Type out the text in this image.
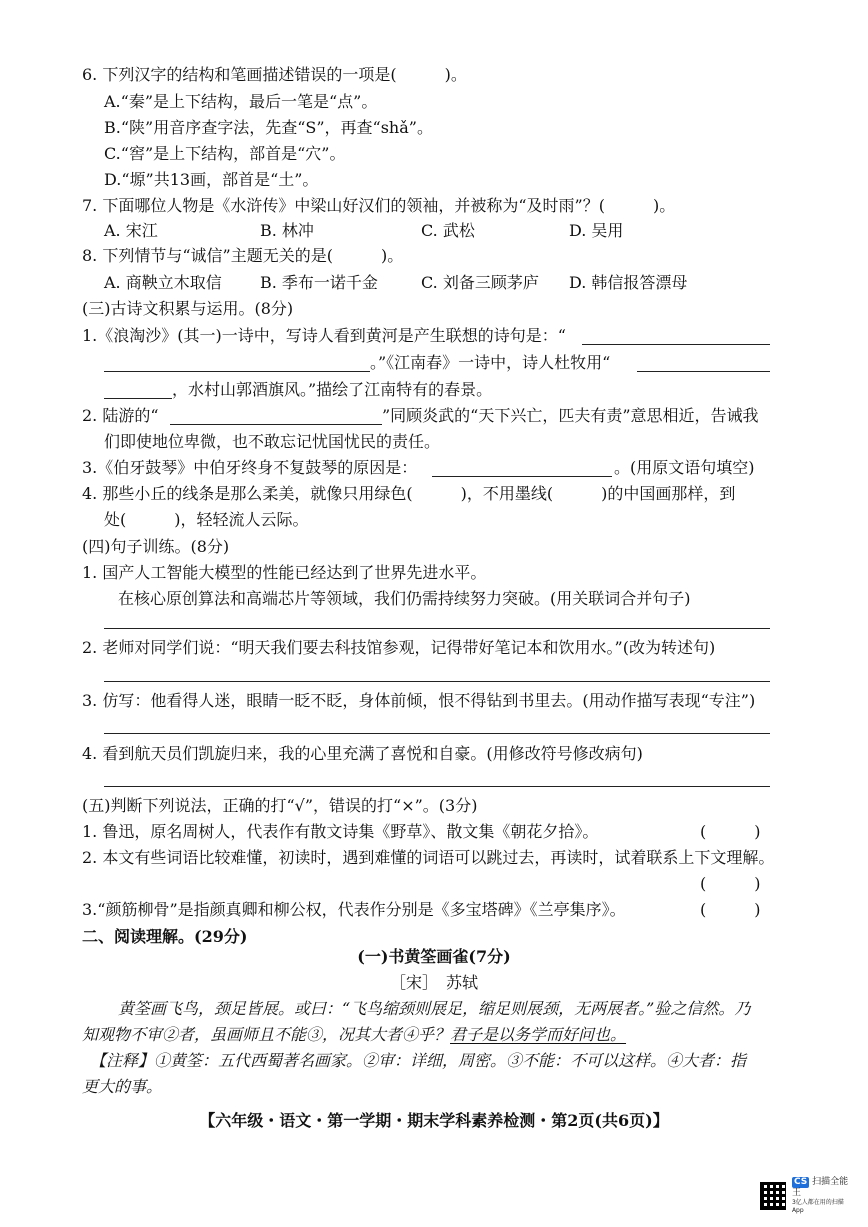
6. 下列汉字的结构和笔画描述错误的一项是(　　　)。
A.“秦”是上下结构，最后一笔是“点”。
B.“陕”用音序查字法，先查“S”，再查“shǎ”。
C.“窖”是上下结构，部首是“穴”。
D.“塬”共13画，部首是“土”。
7. 下面哪位人物是《水浒传》中梁山好汉们的领袖，并被称为“及时雨”？(　　　)。
A. 宋江	B. 林冲	C. 武松	D. 吴用
8. 下列情节与“诚信”主题无关的是(　　　)。
A. 商鞅立木取信 B. 季布一诺千金	C. 刘备三顾茅庐 D. 韩信报答漂母
(三)古诗文积累与运用。(8分)
1.《浪淘沙》(其一)一诗中，写诗人看到黄河是产生联想的诗句是：“
。”《江南春》一诗中，诗人杜牧用“
，水村山郭酒旗风。”描绘了江南特有的春景。
2. 陆游的“	”同顾炎武的“天下兴亡，匹夫有责”意思相近，告诫我
们即使地位卑微，也不敢忘记忧国忧民的责任。
3.《伯牙鼓琴》中伯牙终身不复鼓琴的原因是：	。(用原文语句填空)
4. 那些小丘的线条是那么柔美，就像只用绿色(　　　)，不用墨线(　　　)的中国画那样，到
处(　　　)，轻轻流人云际。
(四)句子训练。(8分)
1. 国产人工智能大模型的性能已经达到了世界先进水平。
在核心原创算法和高端芯片等领域，我们仍需持续努力突破。(用关联词合并句子)
2. 老师对同学们说：“明天我们要去科技馆参观，记得带好笔记本和饮用水。”(改为转述句)
3. 仿写：他看得人迷，眼睛一眨不眨，身体前倾，恨不得钻到书里去。(用动作描写表现“专注”)
4. 看到航天员们凯旋归来，我的心里充满了喜悦和自豪。(用修改符号修改病句)
(五)判断下列说法，正确的打“√”，错误的打“×”。(3分)
1. 鲁迅，原名周树人，代表作有散文诗集《野草》、散文集《朝花夕拾》。	(　　　)
2. 本文有些词语比较难懂，初读时，遇到难懂的词语可以跳过去，再读时，试着联系上下文理解。
(　　　)
3.“颜筋柳骨”是指颜真卿和柳公权，代表作分别是《多宝塔碑》《兰亭集序》。	(　　　)
二、阅读理解。(29分)
(一)书黄筌画雀(7分)
［宋］　苏轼
黄筌画飞鸟，颈足皆展。或曰：“飞鸟缩颈则展足，缩足则展颈，无两展者。”验之信然。乃
知观物不审②者，虽画师且不能③，况其大者④乎？君子是以务学而好问也。
【注释】①黄筌：五代西蜀著名画家。②审：详细，周密。③不能：不可以这样。④大者：指
更大的事。
【六年级・语文・第一学期・期末学科素养检测・第2页(共6页)】
CS 扫描全能王
3亿人都在用的扫描App
